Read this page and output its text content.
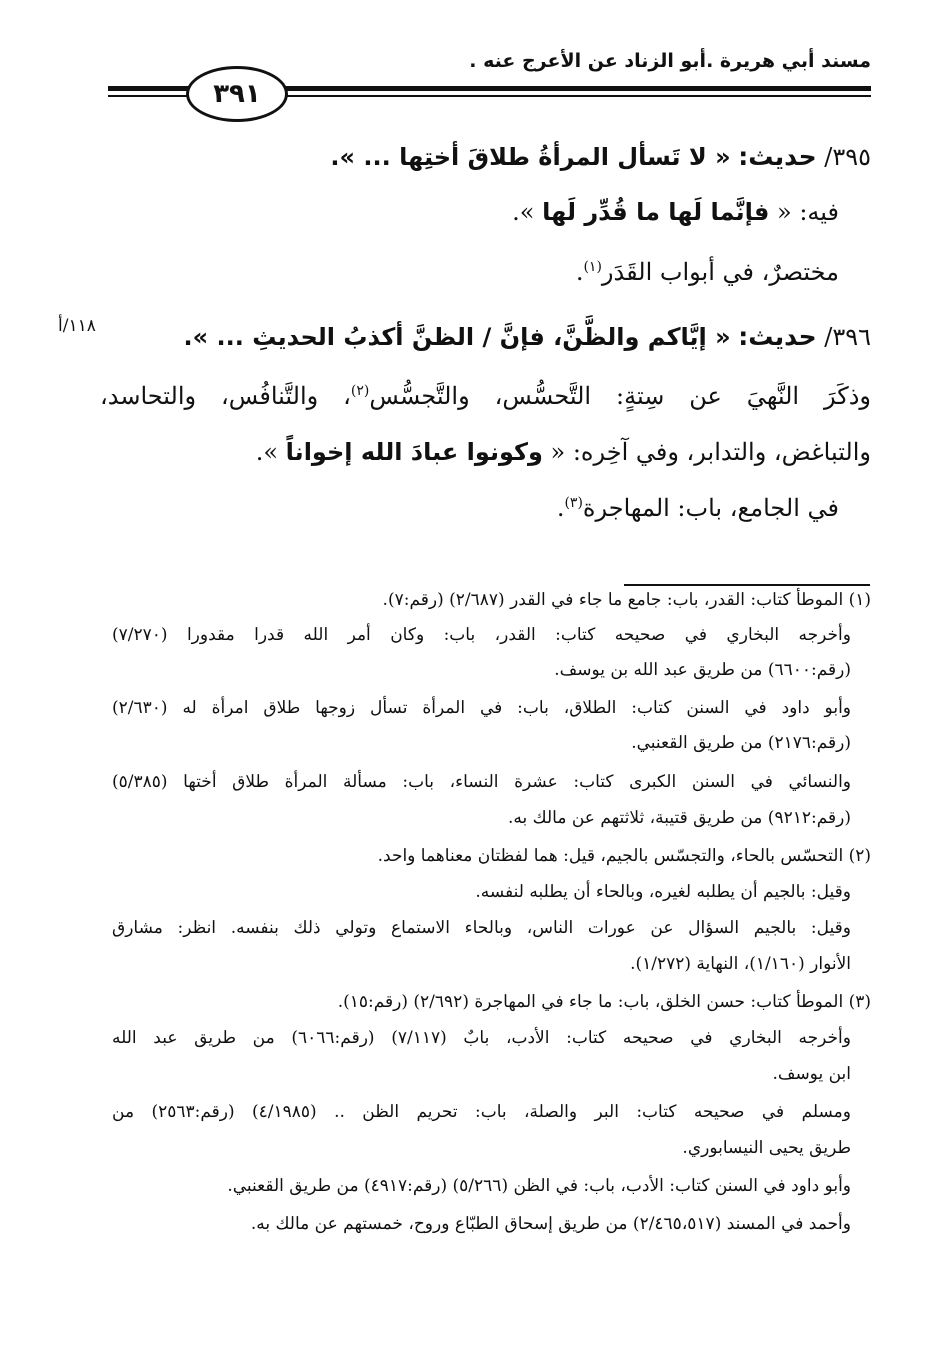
مسند أبي هريرة .أبو الزناد عن الأعرج عنه .
٣٩١
١١٨/أ
٣٩٥/ حديث: « لا تَسأل المرأةُ طلاقَ أختِها ... ».
فيه: « فإنَّما لَها ما قُدِّر لَها ».
مختصرٌ، في أبواب القَدَر$^{(١)}$.
٣٩٦/ حديث: « إيَّاكم والظَّنَّ، فإنَّ / الظنَّ أكذبُ الحديثِ ... ».
وذكَرَ النَّهيَ عن سِتةٍ: التَّحسُّس، والتَّجسُّس$^{(٢)}$، والتَّنافُس، والتحاسد،
والتباغض، والتدابر، وفي آخِره: « وكونوا عبادَ الله إخواناً ».
في الجامع، باب: المهاجرة$^{(٣)}$.
(١) الموطأ كتاب: القدر، باب: جامع ما جاء في القدر (٢/٦٨٧) (رقم:٧).
وأخرجه البخاري في صحيحه كتاب: القدر، باب: وكان أمر الله قدرا مقدورا (٧/٢٧٠)
(رقم:٦٦٠٠) من طريق عبد الله بن يوسف.
وأبو داود في السنن كتاب: الطلاق، باب: في المرأة تسأل زوجها طلاق امرأة له (٢/٦٣٠)
(رقم:٢١٧٦) من طريق القعنبي.
والنسائي في السنن الكبرى كتاب: عشرة النساء، باب: مسألة المرأة طلاق أختها (٥/٣٨٥)
(رقم:٩٢١٢) من طريق قتيبة، ثلاثتهم عن مالك به.
(٢) التحسّس بالحاء، والتجسّس بالجيم، قيل: هما لفظتان معناهما واحد.
وقيل: بالجيم أن يطلبه لغيره، وبالحاء أن يطلبه لنفسه.
وقيل: بالجيم السؤال عن عورات الناس، وبالحاء الاستماع وتولي ذلك بنفسه. انظر: مشارق
الأنوار (١/١٦٠)، النهاية (١/٢٧٢).
(٣) الموطأ كتاب: حسن الخلق، باب: ما جاء في المهاجرة (٢/٦٩٢) (رقم:١٥).
وأخرجه البخاري في صحيحه كتاب: الأدب، بابٌ (٧/١١٧) (رقم:٦٠٦٦) من طريق عبد الله
ابن يوسف.
ومسلم في صحيحه كتاب: البر والصلة، باب: تحريم الظن .. (٤/١٩٨٥) (رقم:٢٥٦٣) من
طريق يحيى النيسابوري.
وأبو داود في السنن كتاب: الأدب، باب: في الظن (٥/٢٦٦) (رقم:٤٩١٧) من طريق القعنبي.
وأحمد في المسند (٢/٤٦٥،٥١٧) من طريق إسحاق الطبّاع وروح، خمستهم عن مالك به.
